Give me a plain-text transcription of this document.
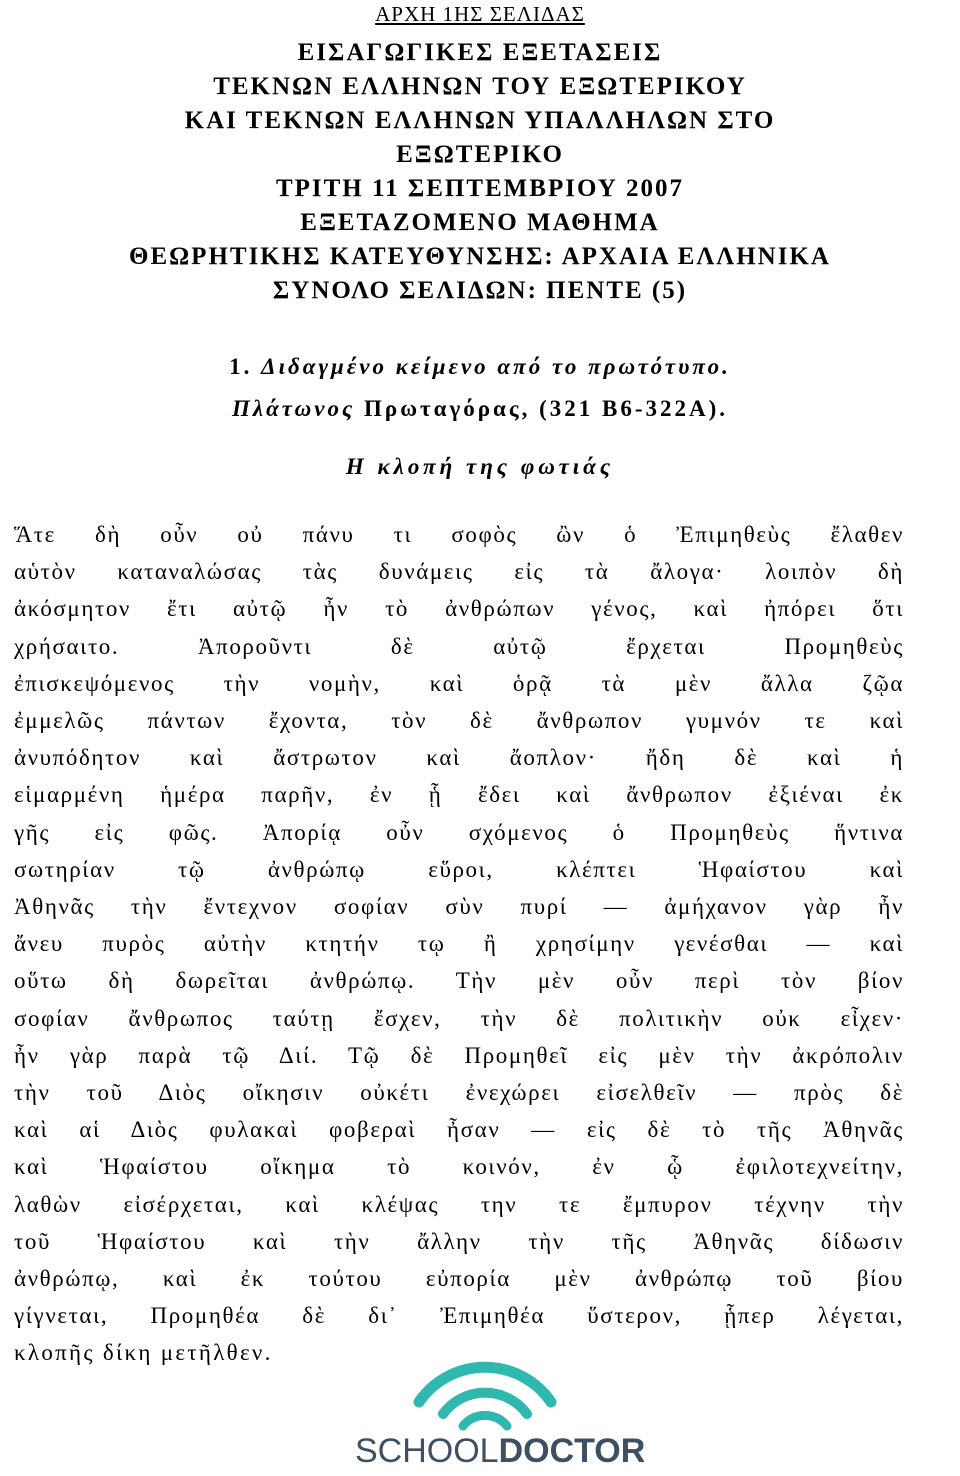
ΑΡΧΗ 1ΗΣ ΣΕΛΙΔΑΣ
ΕΙΣΑΓΩΓΙΚΕΣ ΕΞΕΤΑΣΕΙΣ
ΤΕΚΝΩΝ ΕΛΛΗΝΩΝ ΤΟΥ ΕΞΩΤΕΡΙΚΟΥ
ΚΑΙ ΤΕΚΝΩΝ ΕΛΛΗΝΩΝ ΥΠΑΛΛΗΛΩΝ ΣΤΟ
ΕΞΩΤΕΡΙΚΟ
ΤΡΙΤΗ 11 ΣΕΠΤΕΜΒΡΙΟΥ 2007
ΕΞΕΤΑΖΟΜΕΝΟ ΜΑΘΗΜΑ
ΘΕΩΡΗΤΙΚΗΣ ΚΑΤΕΥΘΥΝΣΗΣ: ΑΡΧΑΙΑ ΕΛΛΗΝΙΚΑ
ΣΥΝΟΛΟ ΣΕΛΙΔΩΝ: ΠΕΝΤΕ (5)
1. Διδαγμένο κείμενο από το πρωτότυπο.
Πλάτωνος Πρωταγόρας, (321 Β6-322Α).
Η κλοπή της φωτιάς
Ἅτε δὴ οὖν οὐ πάνυ τι σοφὸς ὢν ὁ Ἐπιμηθεὺς ἔλαθεν
αὑτὸν καταναλώσας τὰς δυνάμεις εἰς τὰ ἄλογα· λοιπὸν δὴ
ἀκόσμητον ἔτι αὐτῷ ἦν τὸ ἀνθρώπων γένος, καὶ ἠπόρει ὅτι
χρήσαιτο. Ἀποροῦντι δὲ αὐτῷ ἔρχεται Προμηθεὺς
ἐπισκεψόμενος τὴν νομὴν, καὶ ὁρᾷ τὰ μὲν ἄλλα ζῷα
ἐμμελῶς πάντων ἔχοντα, τὸν δὲ ἄνθρωπον γυμνόν τε καὶ
ἀνυπόδητον καὶ ἄστρωτον καὶ ἄοπλον· ἤδη δὲ καὶ ἡ
εἱμαρμένη ἡμέρα παρῆν, ἐν ᾗ ἔδει καὶ ἄνθρωπον ἐξιέναι ἐκ
γῆς εἰς φῶς. Ἀπορίᾳ οὖν σχόμενος ὁ Προμηθεὺς ἥντινα
σωτηρίαν τῷ ἀνθρώπῳ εὕροι, κλέπτει Ἡφαίστου καὶ
Ἀθηνᾶς τὴν ἔντεχνον σοφίαν σὺν πυρί — ἀμήχανον γὰρ ἦν
ἄνευ πυρὸς αὐτὴν κτητήν τῳ ἢ χρησίμην γενέσθαι — καὶ
οὕτω δὴ δωρεῖται ἀνθρώπῳ. Τὴν μὲν οὖν περὶ τὸν βίον
σοφίαν ἄνθρωπος ταύτῃ ἔσχεν, τὴν δὲ πολιτικὴν οὐκ εἶχεν·
ἦν γὰρ παρὰ τῷ Διί. Τῷ δὲ Προμηθεῖ εἰς μὲν τὴν ἀκρόπολιν
τὴν τοῦ Διὸς οἴκησιν οὐκέτι ἐνεχώρει εἰσελθεῖν — πρὸς δὲ
καὶ αἱ Διὸς φυλακαὶ φοβεραὶ ἦσαν — εἰς δὲ τὸ τῆς Ἀθηνᾶς
καὶ Ἡφαίστου οἴκημα τὸ κοινόν, ἐν ᾧ ἐφιλοτεχνείτην,
λαθὼν εἰσέρχεται, καὶ κλέψας την τε ἔμπυρον τέχνην τὴν
τοῦ Ἡφαίστου καὶ τὴν ἄλλην τὴν τῆς Ἀθηνᾶς δίδωσιν
ἀνθρώπῳ, καὶ ἐκ τούτου εὐπορία μὲν ἀνθρώπῳ τοῦ βίου
γίγνεται, Προμηθέα δὲ δι᾽ Ἐπιμηθέα ὕστερον, ᾗπερ λέγεται,
κλοπῆς δίκη μετῆλθεν.
SCHOOLDOCTOR
